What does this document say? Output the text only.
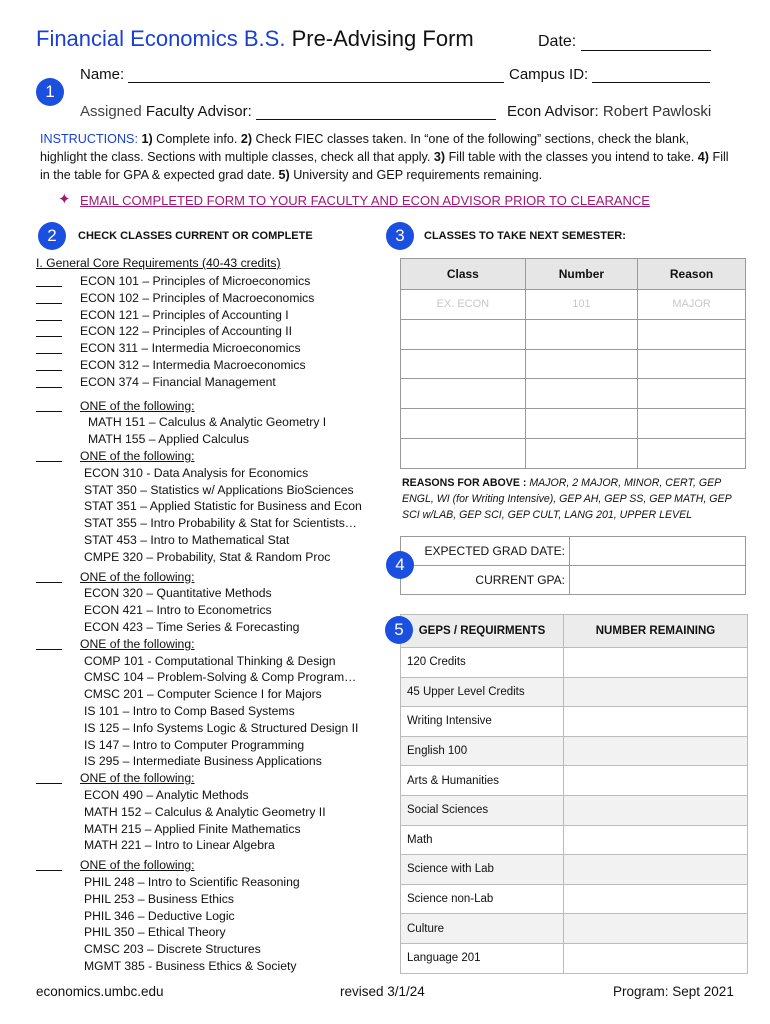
Financial Economics B.S. Pre-Advising Form	Date:
1
Name:	Campus ID:
Assigned Faculty Advisor:	Econ Advisor: Robert Pawloski
INSTRUCTIONS: 1) Complete info. 2) Check FIEC classes taken. In “one of the following” sections, check the blank, highlight the class. Sections with multiple classes, check all that apply. 3) Fill table with the classes you intend to take. 4) Fill in the table for GPA & expected grad date. 5) University and GEP requirements remaining.
✦ EMAIL COMPLETED FORM TO YOUR FACULTY AND ECON ADVISOR PRIOR TO CLEARANCE
2	CHECK CLASSES CURRENT OR COMPLETE
I. General Core Requirements (40-43 credits)
ECON 101 – Principles of Microeconomics
ECON 102 – Principles of Macroeconomics
ECON 121 – Principles of Accounting I
ECON 122 – Principles of Accounting II
ECON 311 – Intermedia Microeconomics
ECON 312 – Intermedia Macroeconomics
ECON 374 – Financial Management
ONE of the following:
MATH 151 – Calculus & Analytic Geometry I
MATH 155 – Applied Calculus
ONE of the following:
ECON 310 - Data Analysis for Economics
STAT 350 – Statistics w/ Applications BioSciences
STAT 351 – Applied Statistic for Business and Econ
STAT 355 – Intro Probability & Stat for Scientists…
STAT 453 – Intro to Mathematical Stat
CMPE 320 – Probability, Stat & Random Proc
ONE of the following:
ECON 320 – Quantitative Methods
ECON 421 – Intro to Econometrics
ECON 423 – Time Series & Forecasting
ONE of the following:
COMP 101 - Computational Thinking & Design
CMSC 104 – Problem-Solving & Comp Program…
CMSC 201 – Computer Science I for Majors
IS 101 – Intro to Comp Based Systems
IS 125 – Info Systems Logic & Structured Design II
IS 147 – Intro to Computer Programming
IS 295 – Intermediate Business Applications
ONE of the following:
ECON 490 – Analytic Methods
MATH 152 – Calculus & Analytic Geometry II
MATH 215 – Applied Finite Mathematics
MATH 221 – Intro to Linear Algebra
ONE of the following:
PHIL 248 – Intro to Scientific Reasoning
PHIL 253 – Business Ethics
PHIL 346 – Deductive Logic
PHIL 350 – Ethical Theory
CMSC 203 – Discrete Structures
MGMT 385 - Business Ethics & Society
3	CLASSES TO TAKE NEXT SEMESTER:
Class	Number	Reason
EX. ECON	101	MAJOR

REASONS FOR ABOVE : MAJOR, 2 MAJOR, MINOR, CERT, GEP ENGL, WI (for Writing Intensive), GEP AH, GEP SS, GEP MATH, GEP SCI w/LAB, GEP SCI, GEP CULT, LANG 201, UPPER LEVEL
4
EXPECTED GRAD DATE:	
CURRENT GPA:	
5	GEPS / REQUIRMENTS	NUMBER REMAINING
120 Credits	
45 Upper Level Credits	
Writing Intensive	
English 100	
Arts & Humanities	
Social Sciences	
Math	
Science with Lab	
Science non-Lab	
Culture	
Language 201	
economics.umbc.edu	revised 3/1/24	Program: Sept 2021
